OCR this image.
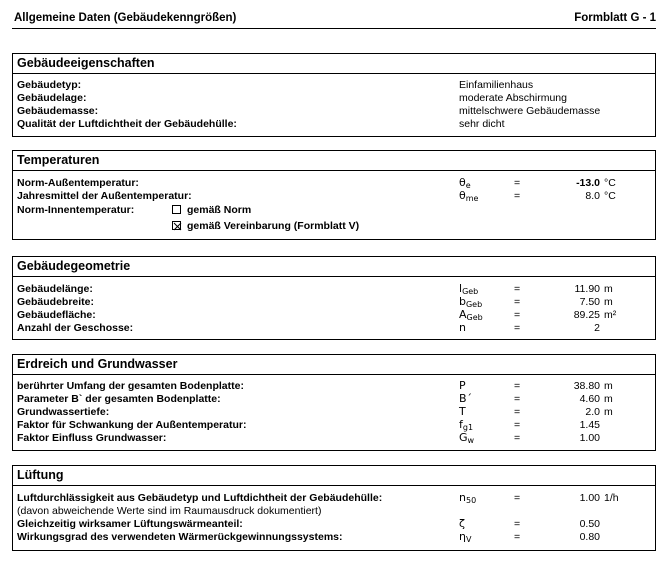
Allgemeine Daten (Gebäudekenngrößen)	Formblatt G - 1
Gebäudeeigenschaften
Gebäudetyp:	Einfamilienhaus
Gebäudelage:	moderate Abschirmung
Gebäudemasse:	mittelschwere Gebäudemasse
Qualität der Luftdichtheit der Gebäudehülle:	sehr dicht
Temperaturen
Norm-Außentemperatur:	$\theta_e$	=	-13.0 °C
Jahresmittel der Außentemperatur:	$\theta_{me}$	=	8.0 °C
Norm-Innentemperatur:	gemäß Norm
gemäß Vereinbarung (Formblatt V)
Gebäudegeometrie
Gebäudelänge:	$l_{Geb}$	=	11.90 m
Gebäudebreite:	$b_{Geb}$	=	7.50 m
Gebäudefläche:	$A_{Geb}$	=	89.25 m²
Anzahl der Geschosse:	n	=	2
Erdreich und Grundwasser
berührter Umfang der gesamten Bodenplatte:	P	=	38.80 m
Parameter B` der gesamten Bodenplatte:	B´	=	4.60 m
Grundwassertiefe:	T	=	2.0 m
Faktor für Schwankung der Außentemperatur:	$f_{g1}$	=	1.45
Faktor Einfluss Grundwasser:	$G_w$	=	1.00
Lüftung
Luftdurchlässigkeit aus Gebäudetyp und Luftdichtheit der Gebäudehülle:	$n_{50}$	=	1.00 1/h
(davon abweichende Werte sind im Raumausdruck dokumentiert)
Gleichzeitig wirksamer Lüftungswärmeanteil:	ζ	=	0.50
Wirkungsgrad des verwendeten Wärmerückgewinnungssystems:	$\eta_V$	=	0.80
